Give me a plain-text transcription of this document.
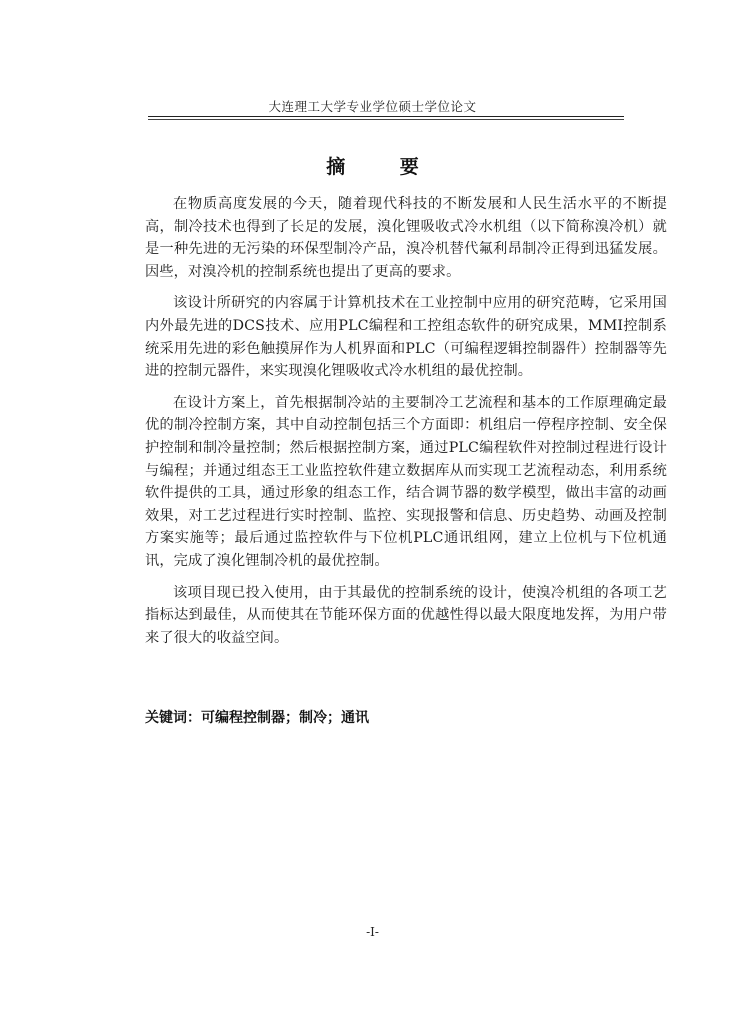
大连理工大学专业学位硕士学位论文
摘 要

在物质高度发展的今天，随着现代科技的不断发展和人民生活水平的不断提高，制冷技术也得到了长足的发展，溴化锂吸收式冷水机组（以下简称溴冷机）就是一种先进的无污染的环保型制冷产品，溴冷机替代氟利昂制冷正得到迅猛发展。因些，对溴冷机的控制系统也提出了更高的要求。

该设计所研究的内容属于计算机技术在工业控制中应用的研究范畴，它采用国内外最先进的DCS技术、应用PLC编程和工控组态软件的研究成果，MMI控制系统采用先进的彩色触摸屏作为人机界面和PLC（可编程逻辑控制器件）控制器等先进的控制元器件，来实现溴化锂吸收式冷水机组的最优控制。

在设计方案上，首先根据制冷站的主要制冷工艺流程和基本的工作原理确定最优的制冷控制方案，其中自动控制包括三个方面即：机组启一停程序控制、安全保护控制和制冷量控制；然后根据控制方案，通过PLC编程软件对控制过程进行设计与编程；并通过组态王工业监控软件建立数据库从而实现工艺流程动态，利用系统软件提供的工具，通过形象的组态工作，结合调节器的数学模型，做出丰富的动画效果，对工艺过程进行实时控制、监控、实现报警和信息、历史趋势、动画及控制方案实施等；最后通过监控软件与下位机PLC通讯组网，建立上位机与下位机通讯，完成了溴化锂制冷机的最优控制。

该项目现已投入使用，由于其最优的控制系统的设计，使溴冷机组的各项工艺指标达到最佳，从而使其在节能环保方面的优越性得以最大限度地发挥，为用户带来了很大的收益空间。

关键词：可编程控制器；制冷；通讯
-I-
